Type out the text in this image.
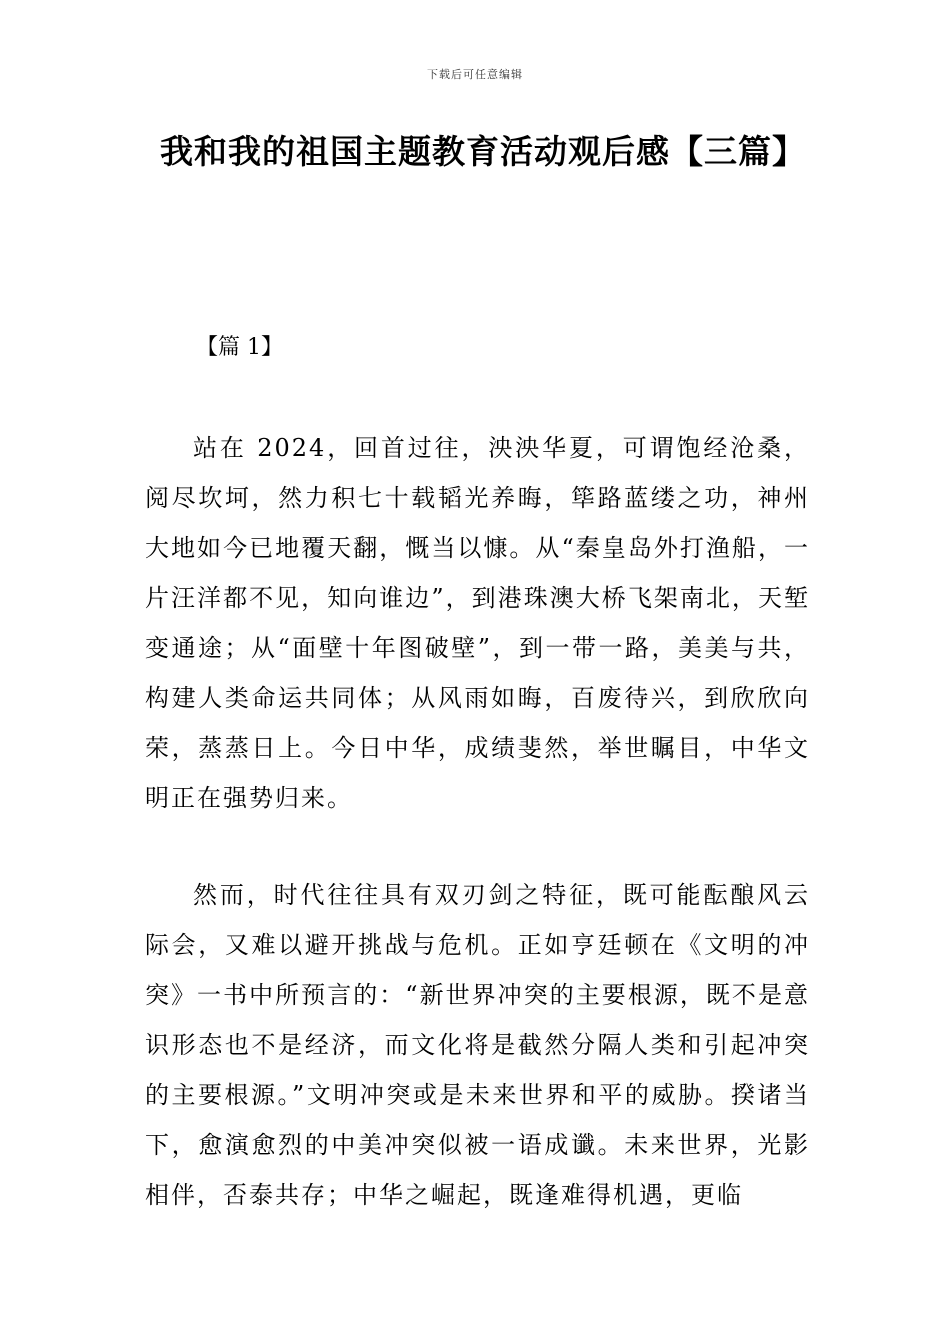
下载后可任意编辑
我和我的祖国主题教育活动观后感【三篇】
【篇 1】

站在 2024，回首过往，泱泱华夏，可谓饱经沧桑，阅尽坎坷，然力积七十载韬光养晦，筚路蓝缕之功，神州大地如今已地覆天翻，慨当以慷。从“秦皇岛外打渔船，一片汪洋都不见，知向谁边”，到港珠澳大桥飞架南北，天堑变通途；从“面壁十年图破壁”，到一带一路，美美与共，构建人类命运共同体；从风雨如晦，百废待兴，到欣欣向荣，蒸蒸日上。今日中华，成绩斐然，举世瞩目，中华文明正在强势归来。

然而，时代往往具有双刃剑之特征，既可能酝酿风云际会，又难以避开挑战与危机。正如亨廷顿在《文明的冲突》一书中所预言的：“新世界冲突的主要根源，既不是意识形态也不是经济，而文化将是截然分隔人类和引起冲突的主要根源。”文明冲突或是未来世界和平的威胁。揆诸当下，愈演愈烈的中美冲突似被一语成谶。未来世界，光影相伴，否泰共存；中华之崛起，既逢难得机遇，更临
